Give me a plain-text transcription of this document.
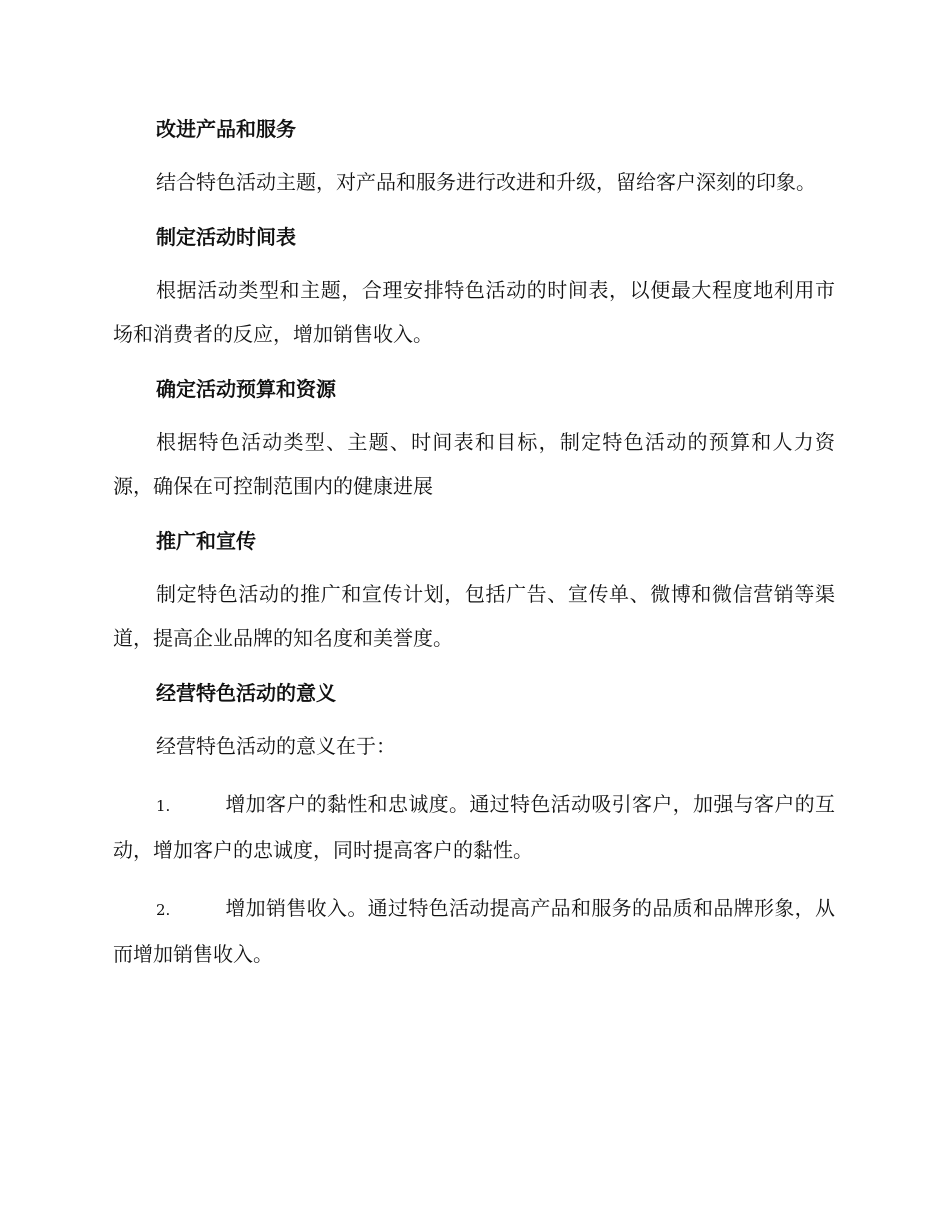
改进产品和服务

结合特色活动主题，对产品和服务进行改进和升级，留给客户深刻的印象。

制定活动时间表

根据活动类型和主题，合理安排特色活动的时间表，以便最大程度地利用市场和消费者的反应，增加销售收入。

确定活动预算和资源

根据特色活动类型、主题、时间表和目标，制定特色活动的预算和人力资源，确保在可控制范围内的健康进展

推广和宣传

制定特色活动的推广和宣传计划，包括广告、宣传单、微博和微信营销等渠道，提高企业品牌的知名度和美誉度。

经营特色活动的意义

经营特色活动的意义在于：

1.	增加客户的黏性和忠诚度。通过特色活动吸引客户，加强与客户的互动，增加客户的忠诚度，同时提高客户的黏性。

2.	增加销售收入。通过特色活动提高产品和服务的品质和品牌形象，从而增加销售收入。
